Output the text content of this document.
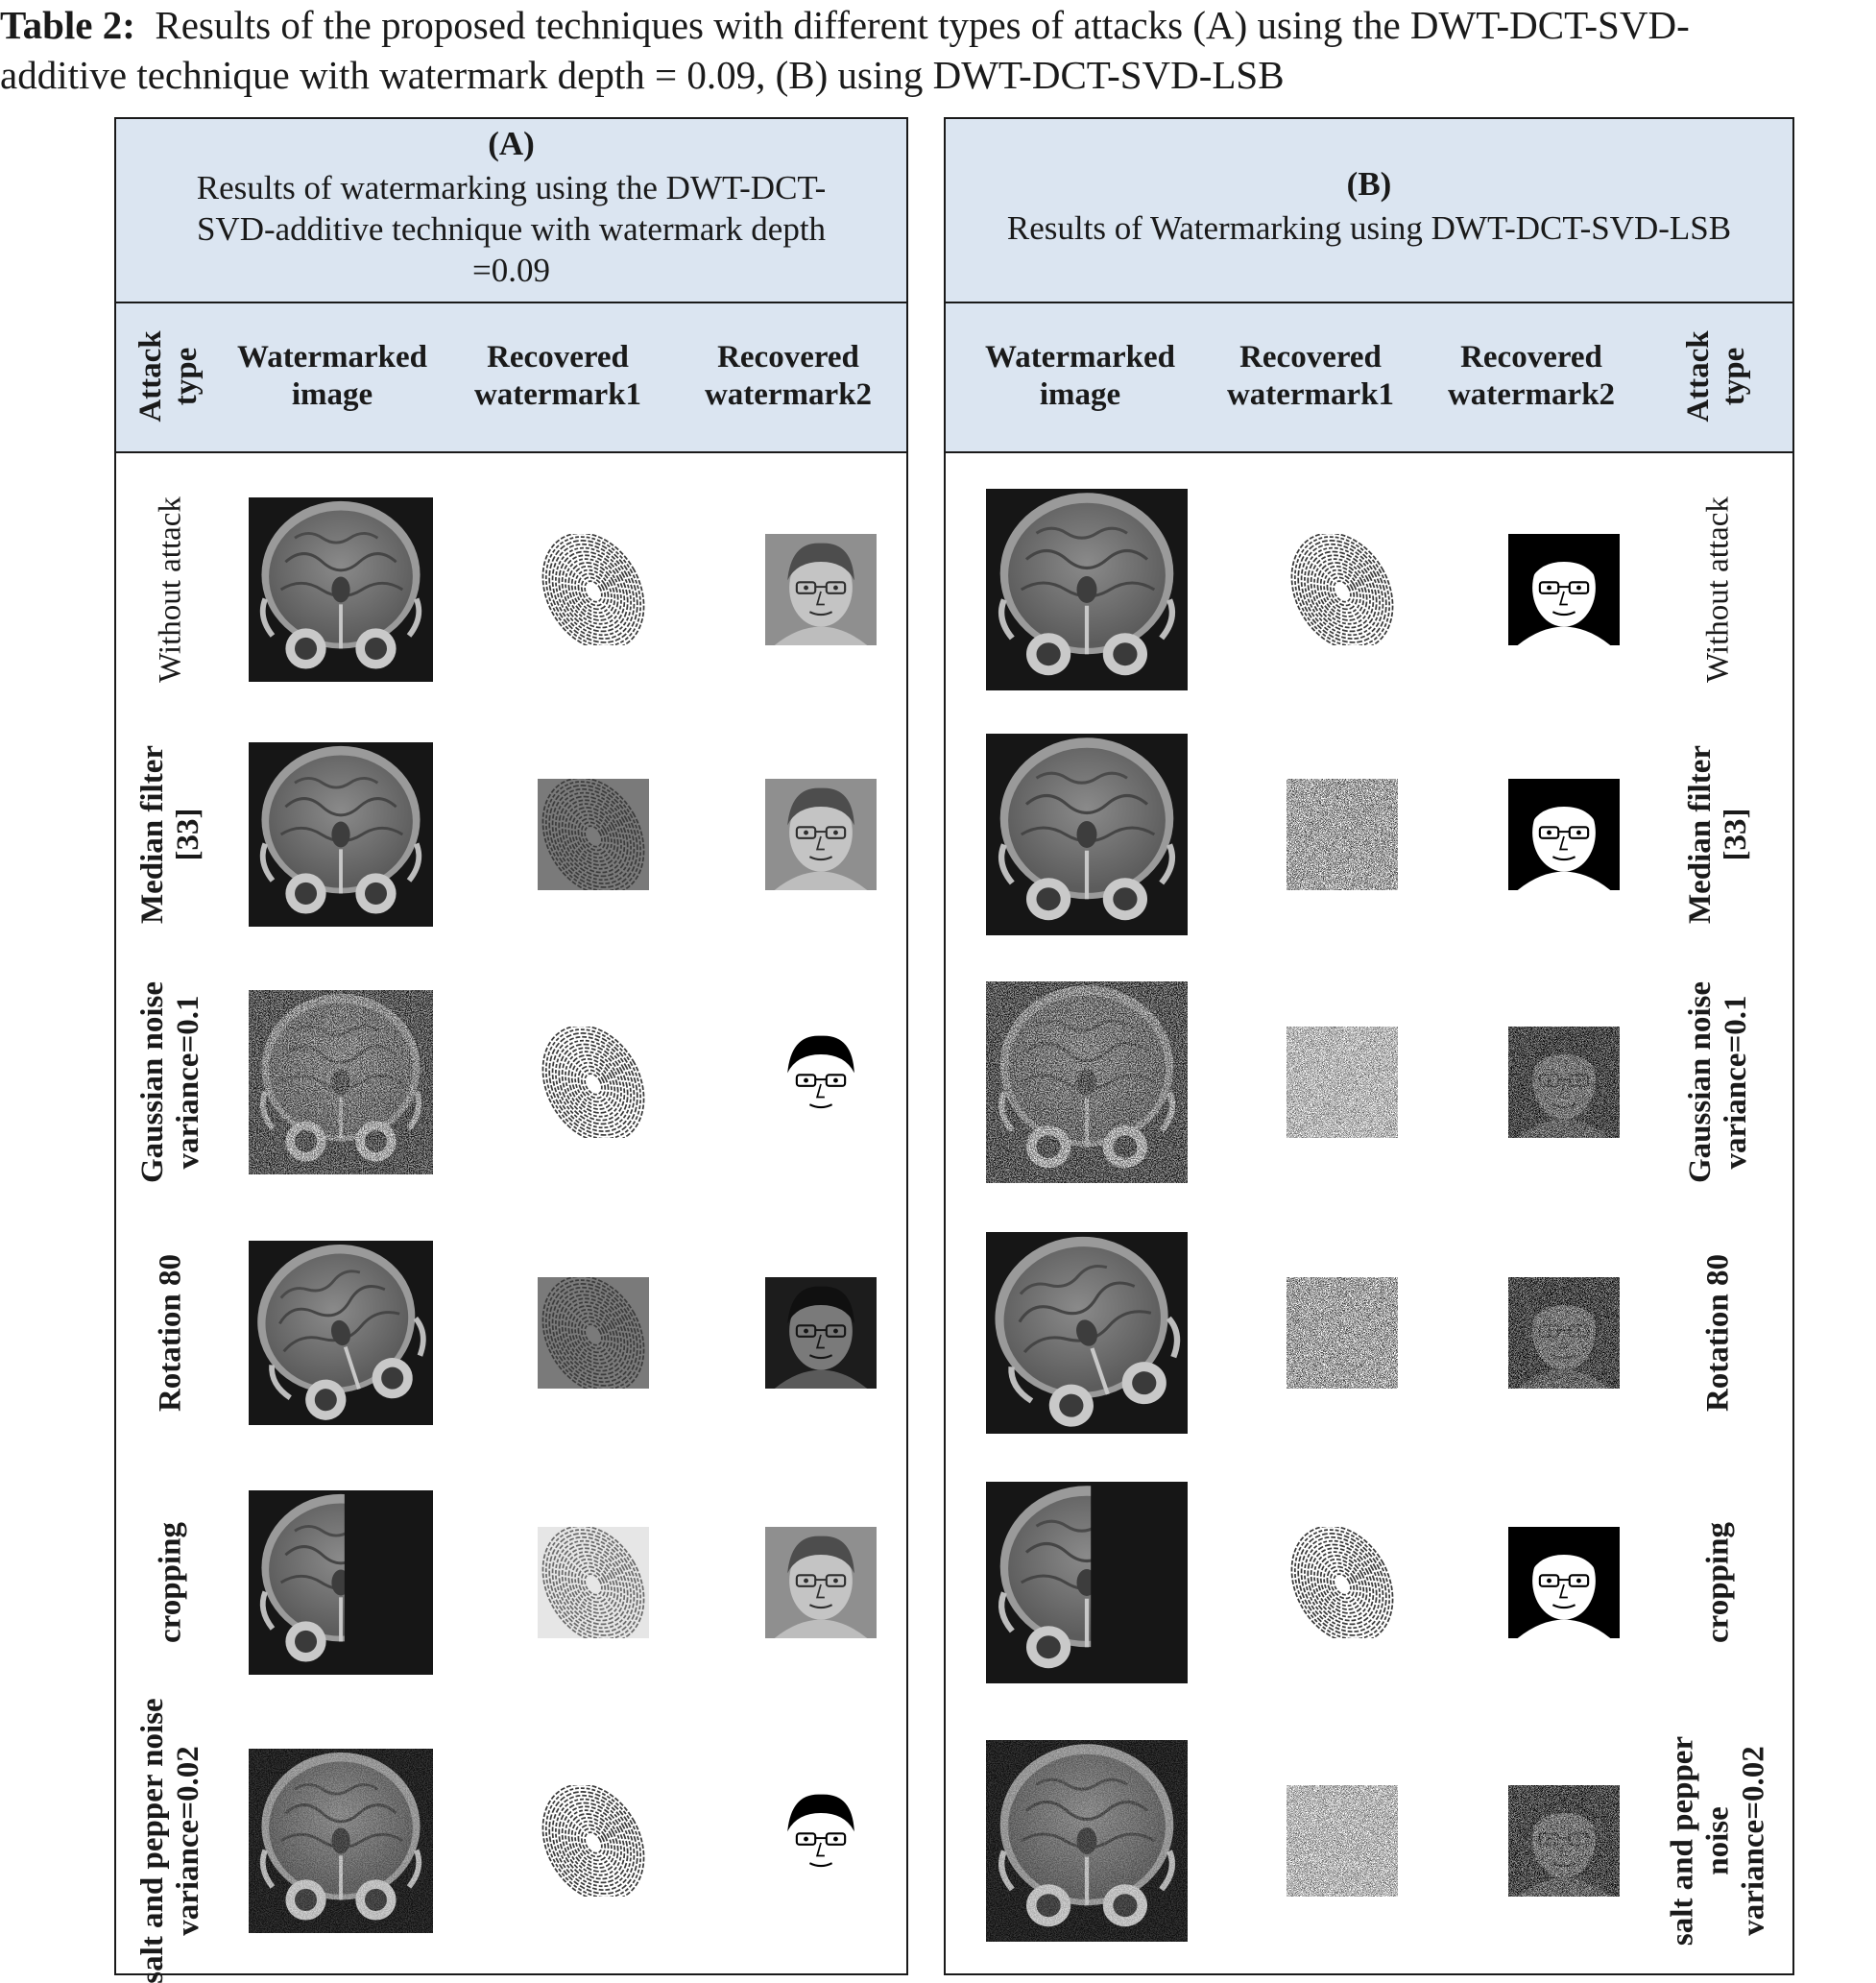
Table 2: Results of the proposed techniques with different types of attacks (A) using the DWT-DCT-SVD-
additive technique with watermark depth = 0.09, (B) using DWT-DCT-SVD-LSB
(A)
Results of watermarking using the DWT-DCT-
SVD-additive technique with watermark depth
=0.09
Attack type	Watermarked
image
Recovered
watermark1
Recovered
watermark2
Without attack
Median filter [33]
Gaussian noise variance=0.1
Rotation 80
cropping
salt and pepper noise variance=0.02
(B)
Results of Watermarking using DWT-DCT-SVD-LSB
Watermarked
image
Recovered
watermark1
Recovered
watermark2	Attack type
Without attack
Median filter [33]
Gaussian noise variance=0.1
Rotation 80
cropping
salt and pepper noise variance=0.02
